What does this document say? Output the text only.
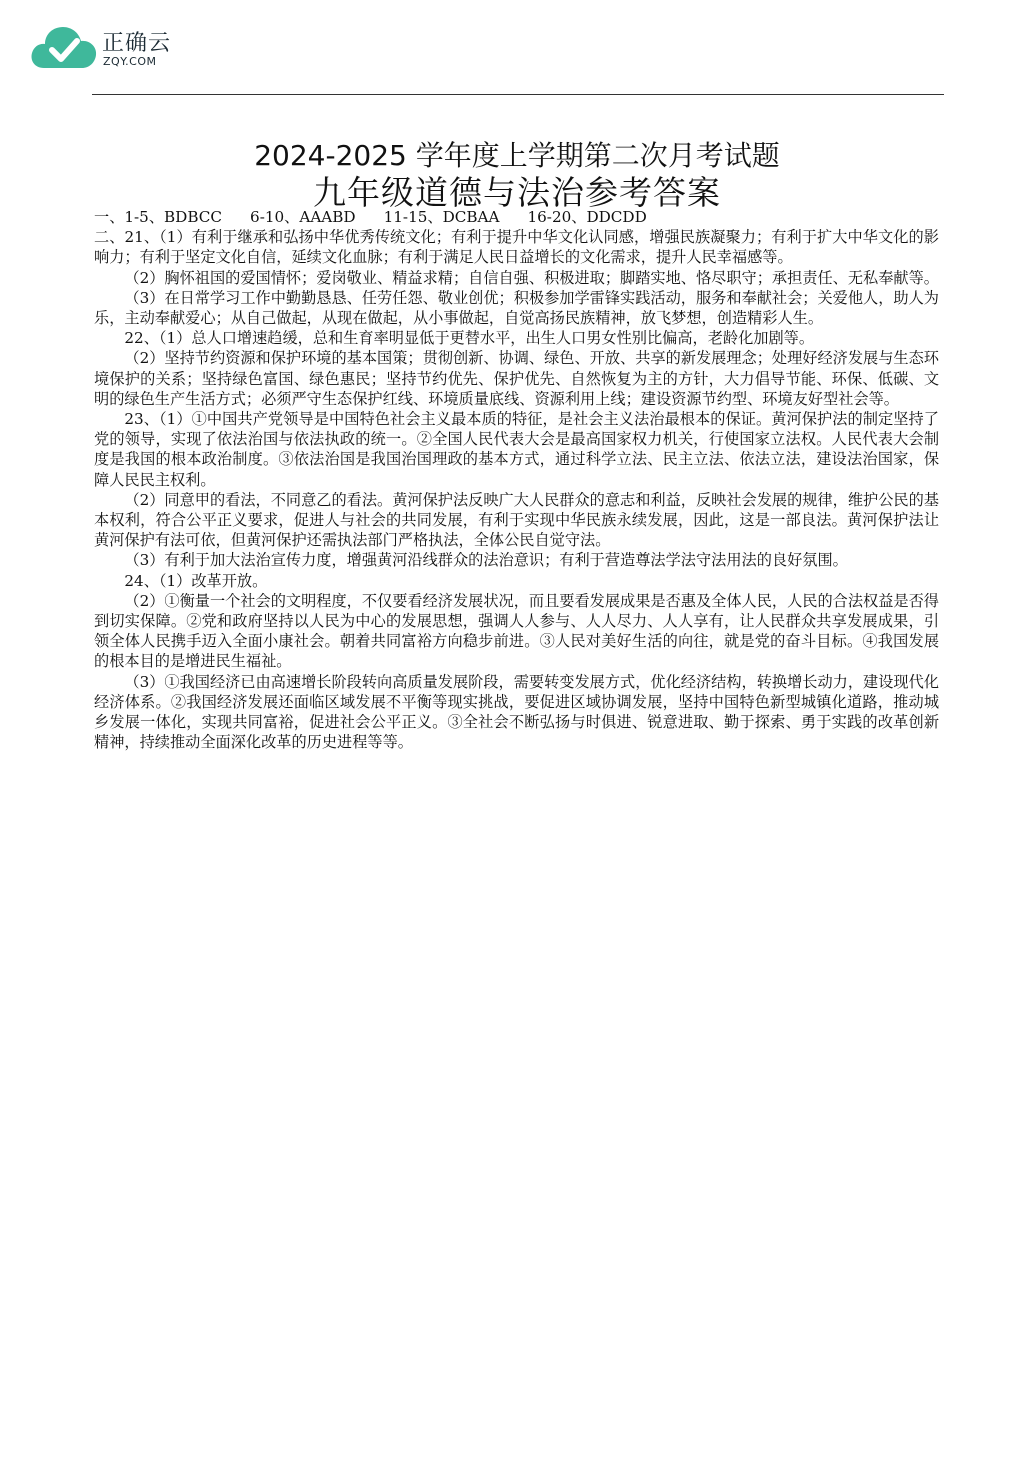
正确云
ZQY.COM
2024-2025 学年度上学期第二次月考试题
九年级道德与法治参考答案

一、1-5、BDBCC 6-10、AAABD 11-15、DCBAA 16-20、DDCDD

二、21、（1）有利于继承和弘扬中华优秀传统文化；有利于提升中华文化认同感，增强民族凝聚力；有利于扩大中华文化的影响力；有利于坚定文化自信，延续文化血脉；有利于满足人民日益增长的文化需求，提升人民幸福感等。

（2）胸怀祖国的爱国情怀；爱岗敬业、精益求精；自信自强、积极进取；脚踏实地、恪尽职守；承担责任、无私奉献等。

（3）在日常学习工作中勤勤恳恳、任劳任怨、敬业创优；积极参加学雷锋实践活动，服务和奉献社会；关爱他人，助人为乐，主动奉献爱心；从自己做起，从现在做起，从小事做起，自觉高扬民族精神，放飞梦想，创造精彩人生。

22、（1）总人口增速趋缓，总和生育率明显低于更替水平，出生人口男女性别比偏高，老龄化加剧等。

（2）坚持节约资源和保护环境的基本国策；贯彻创新、协调、绿色、开放、共享的新发展理念；处理好经济发展与生态环境保护的关系；坚持绿色富国、绿色惠民；坚持节约优先、保护优先、自然恢复为主的方针，大力倡导节能、环保、低碳、文明的绿色生产生活方式；必须严守生态保护红线、环境质量底线、资源利用上线；建设资源节约型、环境友好型社会等。

23、（1）①中国共产党领导是中国特色社会主义最本质的特征，是社会主义法治最根本的保证。黄河保护法的制定坚持了党的领导，实现了依法治国与依法执政的统一。②全国人民代表大会是最高国家权力机关，行使国家立法权。人民代表大会制度是我国的根本政治制度。③依法治国是我国治国理政的基本方式，通过科学立法、民主立法、依法立法，建设法治国家，保障人民民主权利。

（2）同意甲的看法，不同意乙的看法。黄河保护法反映广大人民群众的意志和利益，反映社会发展的规律，维护公民的基本权利，符合公平正义要求，促进人与社会的共同发展，有利于实现中华民族永续发展，因此，这是一部良法。黄河保护法让黄河保护有法可依，但黄河保护还需执法部门严格执法，全体公民自觉守法。

（3）有利于加大法治宣传力度，增强黄河沿线群众的法治意识；有利于营造尊法学法守法用法的良好氛围。

24、（1）改革开放。

（2）①衡量一个社会的文明程度，不仅要看经济发展状况，而且要看发展成果是否惠及全体人民，人民的合法权益是否得到切实保障。②党和政府坚持以人民为中心的发展思想，强调人人参与、人人尽力、人人享有，让人民群众共享发展成果，引领全体人民携手迈入全面小康社会。朝着共同富裕方向稳步前进。③人民对美好生活的向往，就是党的奋斗目标。④我国发展的根本目的是增进民生福祉。

（3）①我国经济已由高速增长阶段转向高质量发展阶段，需要转变发展方式，优化经济结构，转换增长动力，建设现代化经济体系。②我国经济发展还面临区域发展不平衡等现实挑战，要促进区域协调发展，坚持中国特色新型城镇化道路，推动城乡发展一体化，实现共同富裕，促进社会公平正义。③全社会不断弘扬与时俱进、锐意进取、勤于探索、勇于实践的改革创新精神，持续推动全面深化改革的历史进程等等。
